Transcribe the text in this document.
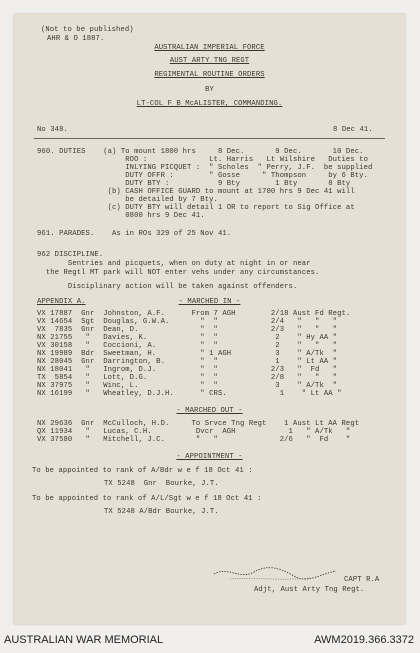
(Not to be published)
AHR & O 1887.
AUSTRALIAN IMPERIAL FORCE
AUST ARTY TNG REGT
REGIMENTAL ROUTINE ORDERS
BY
LT-COL F B McALISTER, COMMANDING.
No 348.	8 Dec 41.
960. DUTIES    (a) To mount 1800 hrs     8 Dec.       9 Dec.       10 Dec.
ROO :              Lt. Harris   Lt Wilshire   Duties to
INLYING PICQUET :  " Scholes  " Perry, J.F.  be supplied
DUTY OFFR :        " Gosse     " Thompson     by 6 Bty.
DUTY BTY :           9 Bty        1 Bty       8 Bty
(b) CASH OFFICE GUARD to mount at 1700 hrs 9 Dec 41 will
be detailed by 7 Bty.
(c) DUTY BTY will detail 1 OR to report to Sig Office at
0800 hrs 9 Dec 41.
961. PARADES.    As in ROs 329 of 25 Nov 41.
962 DISCIPLINE.
Sentries and picquets, when on duty at night in or near
the Regtl MT park will NOT enter vehs under any circumstances.
Disciplinary action will be taken against offenders.
APPENDIX A.	- MARCHED IN -
VX 17887  Gnr  Johnston, A.F.      From 7 AGH        2/18 Aust Fd Regt.
VX 14654  Sgt  Douglas, G.W.A.       "  "            2/4   "   "   "
VX  7835  Gnr  Dean, D.              "  "            2/3   "   "   "
NX 21755   "   Davies, K.            "  "             2    " Hy AA "
VX 30158   "   Coccioni, A.          "  "             2    "   "   "
NX 19989  Bdr  Sweetman, H.          " 1 AGH          3    " A/Tk  "
NX 28045  Gnr  Darrington, B.        "  "             1    " Lt AA "
NX 18041   "   Ingrom, D.J.          "  "            2/3   "  Fd   "
TX  5854   "   Lott, D.G.            "  "            2/8   "   "   "
NX 37975   "   Winc, L.              "  "             3    " A/Tk  "
NX 16199   "   Wheatley, D.J.H.      " CRS.            1    " Lt AA "
- MARCHED OUT -
NX 29636  Gnr  McCulloch, H.D.     To Srvce Tng Regt    1 Aust Lt AA Regt
QX 11934   "   Lucas, C.H.          Dvcr  AGH            1   " A/Tk   "
VX 37580   "   Mitchell, J.C.       "   "              2/6   "  Fd    "
- APPOINTMENT -
To be appointed to rank of A/Bdr w e f 18 Oct 41 :
TX 5248  Gnr  Bourke, J.T.
To be appointed to rank of A/L/Sgt w e f 18 Oct 41 :
TX 5248 A/Bdr Bourke, J.T.
CAPT R.A
Adjt, Aust Arty Tng Regt.
AUSTRALIAN WAR MEMORIAL	AWM2019.366.3372
